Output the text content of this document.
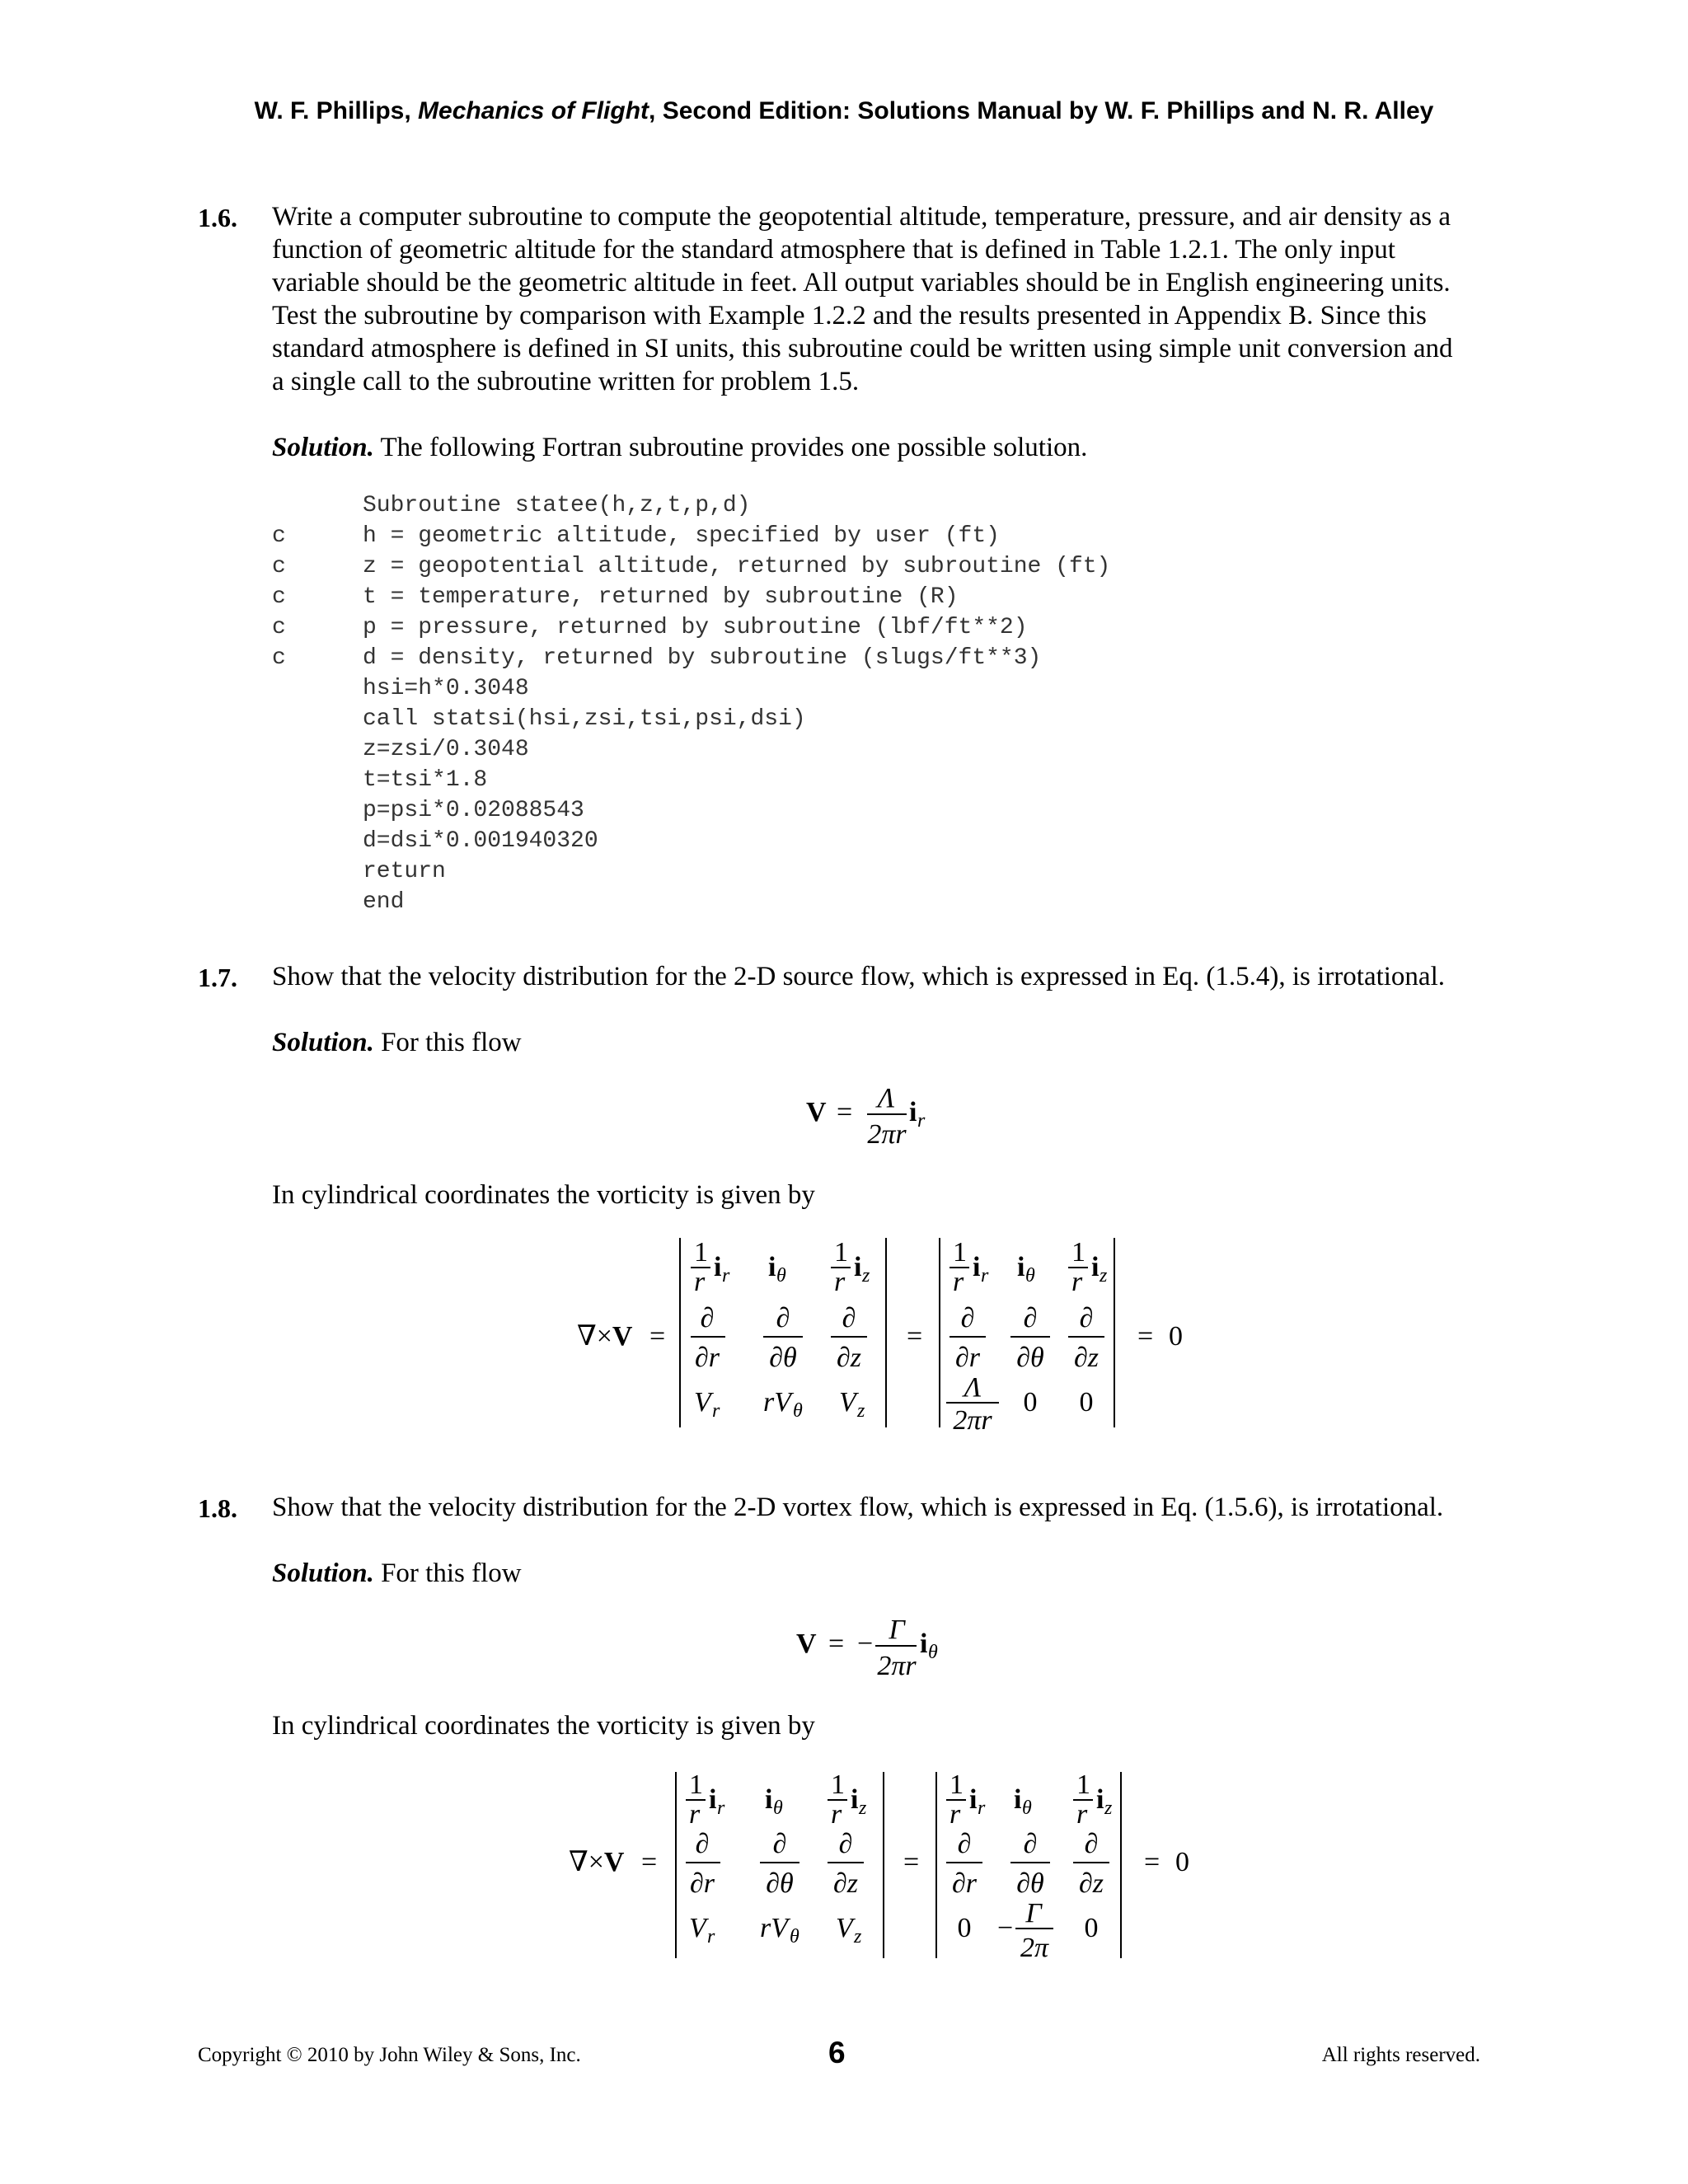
W. F. Phillips, Mechanics of Flight, Second Edition: Solutions Manual by W. F. Phillips and N. R. Alley
1.6. Write a computer subroutine to compute the geopotential altitude, temperature, pressure, and air density as a
function of geometric altitude for the standard atmosphere that is defined in Table 1.2.1. The only input
variable should be the geometric altitude in feet. All output variables should be in English engineering units.
Test the subroutine by comparison with Example 1.2.2 and the results presented in Appendix B. Since this
standard atmosphere is defined in SI units, this subroutine could be written using simple unit conversion and
a single call to the subroutine written for problem 1.5.
Solution. The following Fortran subroutine provides one possible solution.
Subroutine statee(h,z,t,p,d)
c	h = geometric altitude, specified by user (ft)
c	z = geopotential altitude, returned by subroutine (ft)
c	t = temperature, returned by subroutine (R)
c	p = pressure, returned by subroutine (lbf/ft**2)
c	d = density, returned by subroutine (slugs/ft**3)
hsi=h*0.3048
call statsi(hsi,zsi,tsi,psi,dsi)
z=zsi/0.3048
t=tsi*1.8
p=psi*0.02088543
d=dsi*0.001940320
return
end
1.7. Show that the velocity distribution for the 2-D source flow, which is expressed in Eq. (1.5.4), is irrotational.
Solution. For this flow
V = Λ
2πr
i r
In cylindrical coordinates the vorticity is given by
∇×V =
1
r i r i θ
1
r i z
∂
∂r
∂
∂θ
∂
∂z
V r rV θ V z
=
1
r i r i θ
1
r i z
∂
∂r
∂
∂θ
∂
∂z
Λ
2πr
0 0
= 0
1.8. Show that the velocity distribution for the 2-D vortex flow, which is expressed in Eq. (1.5.6), is irrotational.
Solution. For this flow
V = − Γ
2πr
i θ
In cylindrical coordinates the vorticity is given by
∇×V =
1
r i r i θ
1
r i z
∂
∂r
∂
∂θ
∂
∂z
V r rV θ V z
=
1
r i r i θ
1
r i z
∂
∂r
∂
∂θ
∂
∂z
0 − Γ
2π
0
= 0
Copyright © 2010 by John Wiley & Sons, Inc.	6	All rights reserved.
